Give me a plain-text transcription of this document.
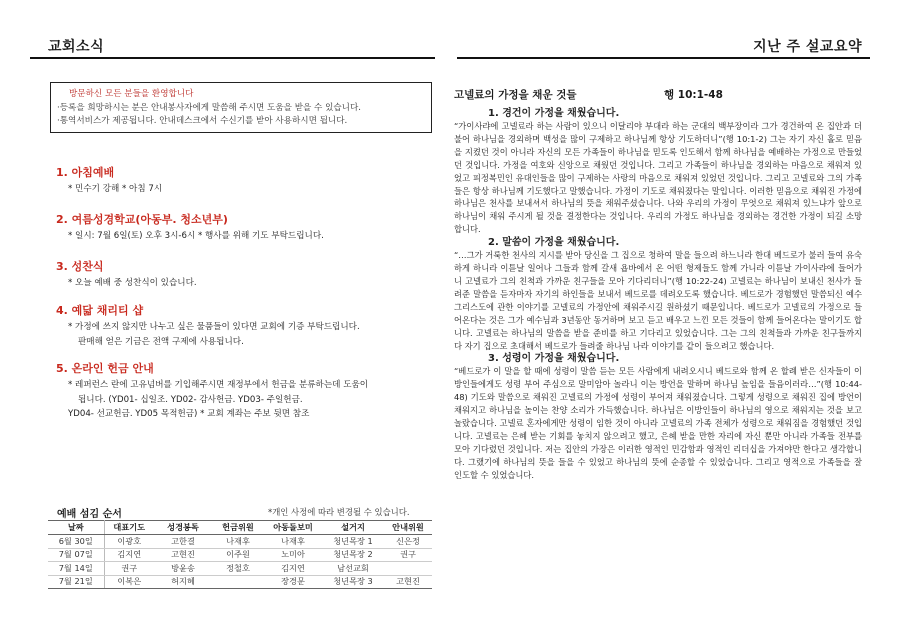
교회소식	지난 주 설교요약
방문하신 모든 분들을 환영합니다
·등록을 희망하시는 분은 안내봉사자에게 말씀해 주시면 도움을 받을 수 있습니다.
·통역서비스가 제공됩니다. 안내데스크에서 수신기를 받아 사용하시면 됩니다.
1. 아침예배
* 민수기 강해 * 아침 7시
2. 여름성경학교(아동부. 청소년부)
* 일시: 7월 6일(토) 오후 3시-6시 * 행사를 위해 기도 부탁드립니다.
3. 성찬식
* 오늘 예배 중 성찬식이 있습니다.
4. 예닯 채리티 샵
* 가정에 쓰지 않지만 나누고 싶은 물품들이 있다면 교회에 기증 부탁드립니다.

판매해 얻은 기금은 전액 구제에 사용됩니다.
5. 온라인 헌금 안내
* 레퍼런스 란에 고유넘버를 기입해주시면 재정부에서 헌금을 분류하는데 도움이

됩니다. (YD01- 십일조. YD02- 감사헌금. YD03- 주일헌금.
YD04- 선교헌금. YD05 목적헌금) * 교회 계좌는 주보 뒷면 참조
예배 섬김 순서	*개인 사정에 따라 변경될 수 있습니다.
날짜	대표기도	성경봉독	헌금위원	아동돌보미	설거지	안내위원
6월 30일	이광호	고한결	나재후	나재후	청년목장 1	신은정
7월 07일	김지연	고현진	이주원	노미아	청년목장 2	권구
7월 14일	권구	방윤송	정철호	김지연	남선교회	
7월 21일	이복은	허지혜		장경문	청년목장 3	고현진
고넬료의 가정을 채운 것들	행 10:1-48
1. 경건이 가정을 채웠습니다.

“가이사랴에 고넬료라 하는 사람이 있으니 이달리야 부대라 하는 군대의 백부장이라 그가 경건하여 온 집안과 더불어 하나님을 경외하며 백성을 많이 구제하고 하나님께 항상 기도하더니”(행 10:1-2) 그는 자기 자신 홀로 믿음을 지켰던 것이 아니라 자신의 모든 가족들이 하나님을 믿도록 인도해서 함께 하나님을 예배하는 가정으로 만들었던 것입니다. 가정을 여호와 신앙으로 채웠던 것입니다. 그리고 가족들이 하나님을 경외하는 마음으로 채워져 있었고 피정복민인 유대인들을 많이 구제하는 사랑의 마음으로 채워져 있었던 것입니다. 그리고 고넬료와 그의 가족들은 항상 하나님께 기도했다고 말했습니다. 가정이 기도로 채워졌다는 말입니다. 이러한 믿음으로 채워진 가정에 하나님은 천사를 보내셔서 하나님의 뜻을 채워주셨습니다. 나와 우리의 가정이 무엇으로 채워져 있느냐가 앞으로 하나님이 채워 주시게 될 것을 결정한다는 것입니다. 우리의 가정도 하나님을 경외하는 경건한 가정이 되길 소망합니다.

2. 말씀이 가정을 채웠습니다.

“…그가 거룩한 천사의 지시를 받아 당신을 그 집으로 청하여 말을 들으려 하느니라 한대 베드로가 불러 들여 유숙하게 하니라 이튿날 일어나 그들과 함께 갈새 욥바에서 온 어떤 형제들도 함께 가니라 이튿날 가이사랴에 들어가니 고넬료가 그의 친척과 가까운 친구들을 모아 기다리더니”(행 10:22-24) 고넬료는 하나님이 보내신 천사가 들려준 말씀을 듣자마자 자기의 하인들을 보내서 베드로를 데려오도록 했습니다. 베드로가 경험했던 말씀되신 예수 그리스도에 관한 이야기를 고넬료의 가정안에 채워주시길 원하셨기 때문입니다. 베드로가 고넬료의 가정으로 들어온다는 것은 그가 예수님과 3년동안 동거하며 보고 듣고 배우고 느낀 모든 것들이 함께 들어온다는 말이기도 합니다. 고넬료는 하나님의 말씀을 받을 준비를 하고 기다리고 있었습니다. 그는 그의 친척들과 가까운 친구들까지 다 자기 집으로 초대해서 베드로가 들려줄 하나님 나라 이야기를 같이 들으려고 했습니다.

3. 성령이 가정을 채웠습니다.

“베드로가 이 말을 할 때에 성령이 말씀 듣는 모든 사람에게 내려오시니 베드로와 함께 온 할례 받은 신자들이 이방인들에게도 성령 부어 주심으로 말미암아 놀라니 이는 방언을 말하며 하나님 높임을 들음이러라…”(행 10:44-48) 기도와 말씀으로 채워진 고넬료의 가정에 성령이 부어져 채워졌습니다. 그렇게 성령으로 채워진 집에 방언이 채워지고 하나님을 높이는 찬양 소리가 가득했습니다. 하나님은 이방인들이 하나님의 영으로 채워지는 것을 보고 놀랐습니다. 고넬료 혼자에게만 성령이 임한 것이 아니라 고넬료의 가족 전체가 성령으로 채워짐을 경험했던 것입니다. 고넬료는 은혜 받는 기회를 놓치지 않으려고 했고, 은혜 받을 만한 자리에 자신 뿐만 아니라 가족들 전부를 모아 기다렸던 것입니다. 저는 집안의 가장은 이러한 영적인 민감함과 영적인 리더십을 가져야만 한다고 생각합니다. 그랬기에 하나님의 뜻을 들을 수 있었고 하나님의 뜻에 순종할 수 있었습니다. 그리고 영적으로 가족들을 잘 인도할 수 있었습니다.
